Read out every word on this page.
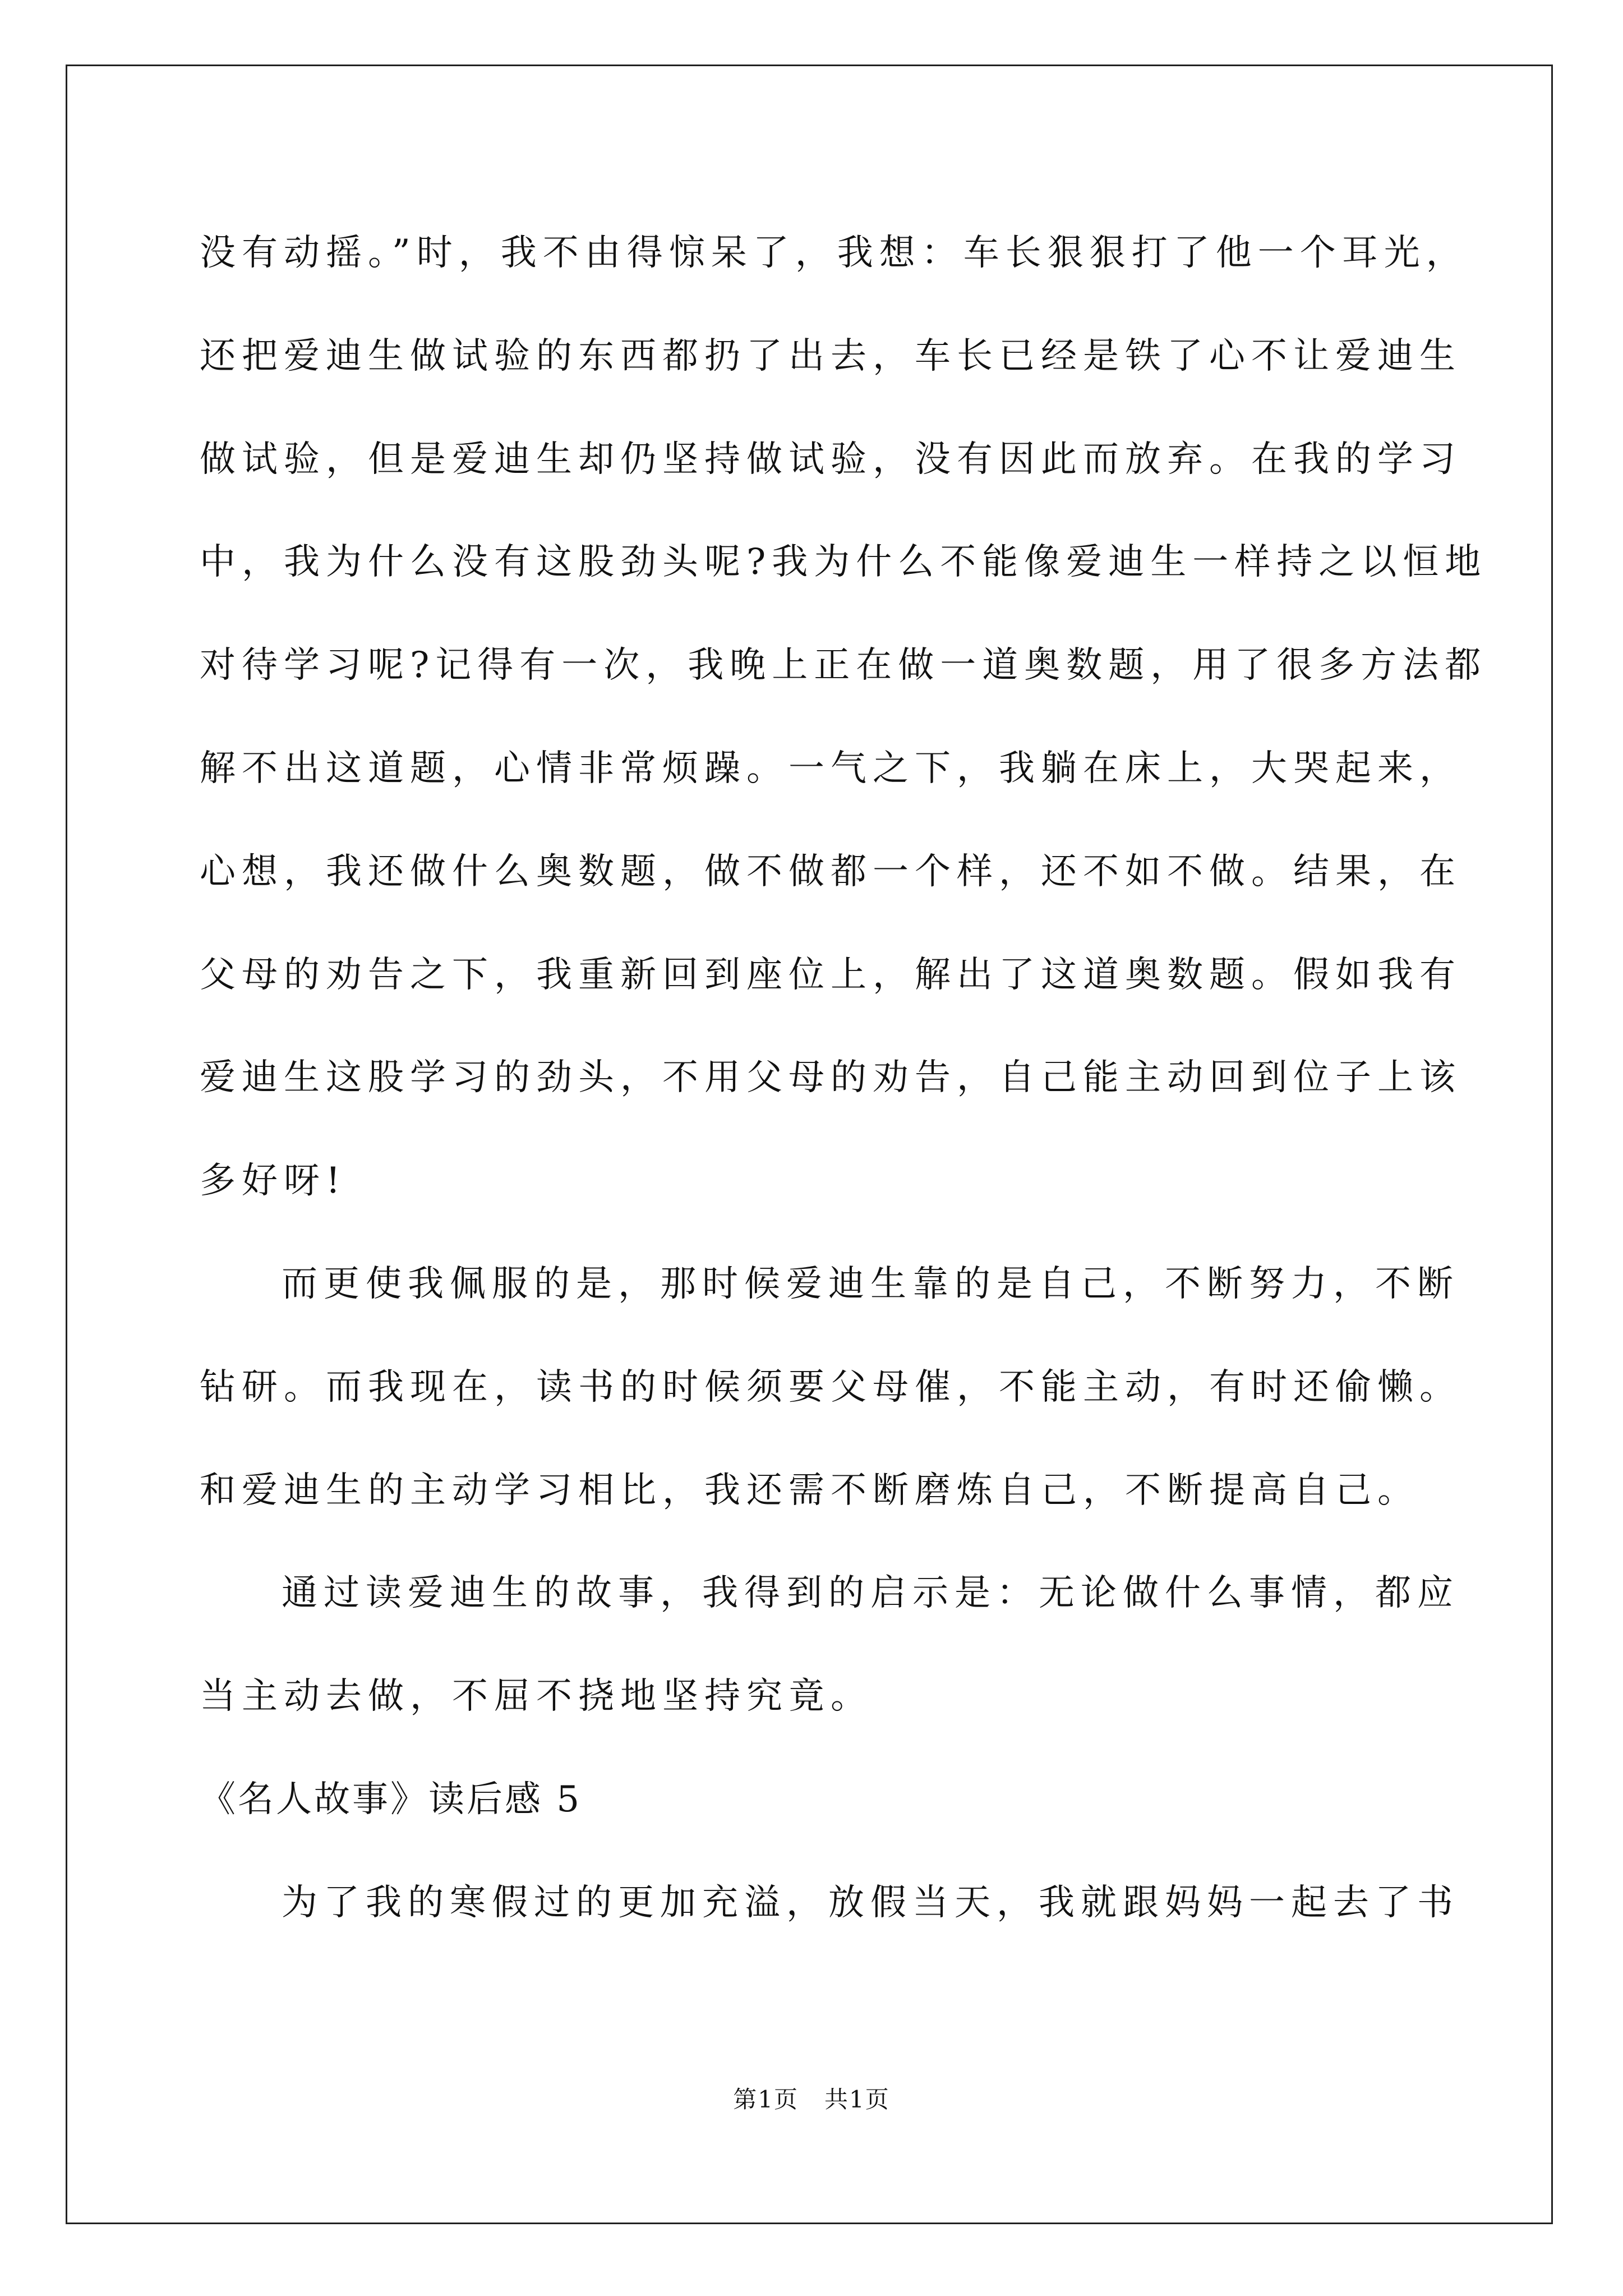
没有动摇。”时，我不由得惊呆了，我想：车长狠狠打了他一个耳光，
还把爱迪生做试验的东西都扔了出去，车长已经是铁了心不让爱迪生
做试验，但是爱迪生却仍坚持做试验，没有因此而放弃。在我的学习
中，我为什么没有这股劲头呢?我为什么不能像爱迪生一样持之以恒地
对待学习呢?记得有一次，我晚上正在做一道奥数题，用了很多方法都
解不出这道题，心情非常烦躁。一气之下，我躺在床上，大哭起来，
心想，我还做什么奥数题，做不做都一个样，还不如不做。结果，在
父母的劝告之下，我重新回到座位上，解出了这道奥数题。假如我有
爱迪生这股学习的劲头，不用父母的劝告，自己能主动回到位子上该
多好呀!
而更使我佩服的是，那时候爱迪生靠的是自己，不断努力，不断
钻研。而我现在，读书的时候须要父母催，不能主动，有时还偷懒。
和爱迪生的主动学习相比，我还需不断磨炼自己，不断提高自己。
通过读爱迪生的故事，我得到的启示是：无论做什么事情，都应
当主动去做，不屈不挠地坚持究竟。
《名人故事》读后感 5
为了我的寒假过的更加充溢，放假当天，我就跟妈妈一起去了书
第1页   共1页
